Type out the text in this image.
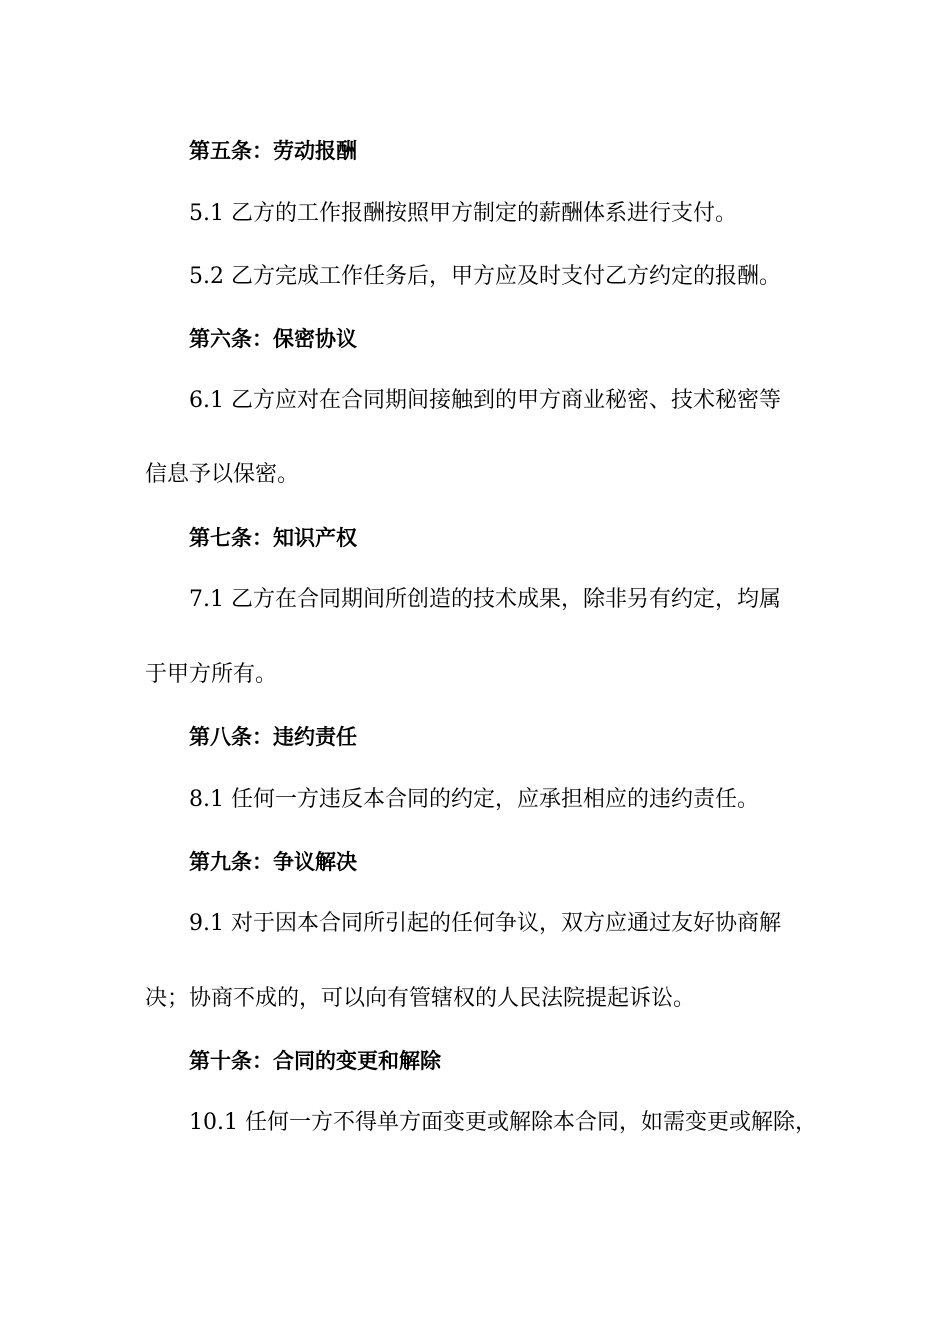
第五条：劳动报酬
5.1 乙方的工作报酬按照甲方制定的薪酬体系进行支付。
5.2 乙方完成工作任务后，甲方应及时支付乙方约定的报酬。
第六条：保密协议
6.1 乙方应对在合同期间接触到的甲方商业秘密、技术秘密等
信息予以保密。
第七条：知识产权
7.1 乙方在合同期间所创造的技术成果，除非另有约定，均属
于甲方所有。
第八条：违约责任
8.1 任何一方违反本合同的约定，应承担相应的违约责任。
第九条：争议解决
9.1 对于因本合同所引起的任何争议，双方应通过友好协商解
决；协商不成的，可以向有管辖权的人民法院提起诉讼。
第十条：合同的变更和解除
10.1 任何一方不得单方面变更或解除本合同，如需变更或解除，
